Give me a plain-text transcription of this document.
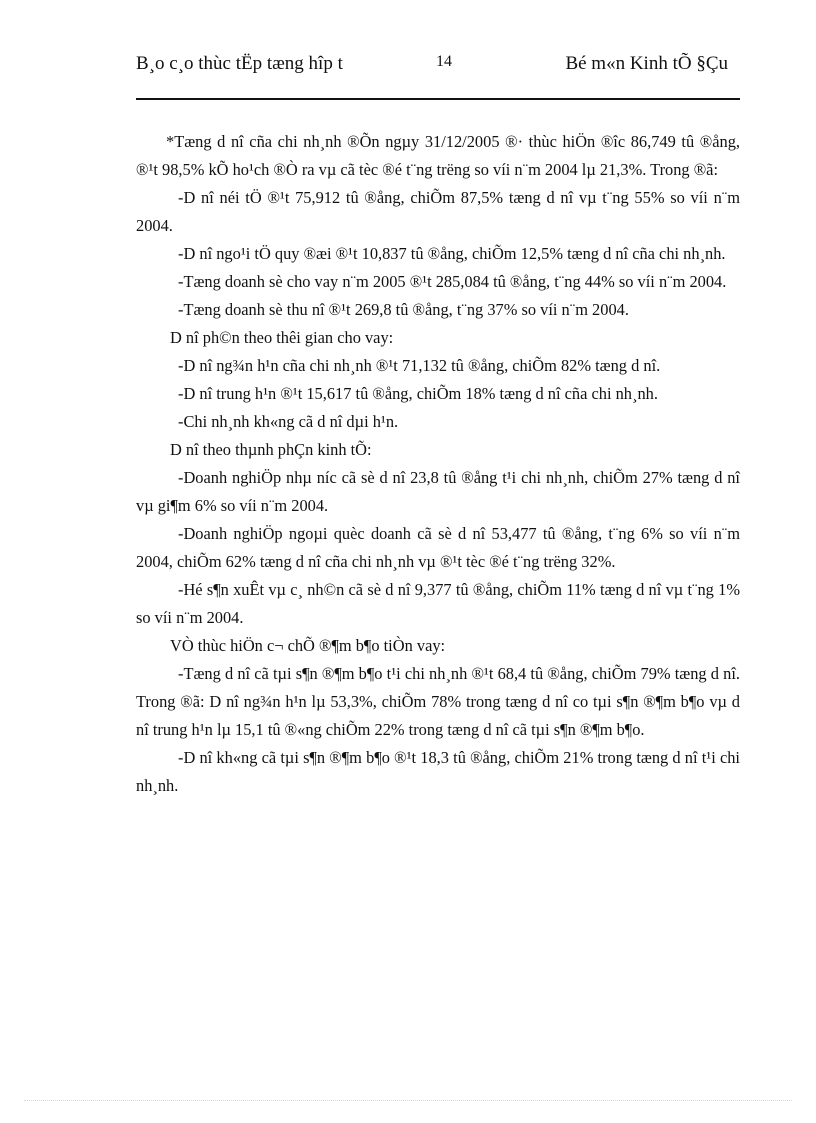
B¸o c¸o thùc tËp tæng hîp t	14	Bé m«n Kinh tÕ §Çu

*Tæng d nî cña chi nh¸nh ®Õn ngµy 31/12/2005 ®· thùc hiÖn ®îc 86,749 tû ®ång, ®¹t 98,5% kÕ ho¹ch ®Ò ra vµ cã tèc ®é t¨ng trëng so víi n¨m 2004 lµ 21,3%. Trong ®ã:

-D nî néi tÖ ®¹t 75,912 tû ®ång, chiÕm 87,5% tæng d nî vµ t¨ng 55% so víi n¨m 2004.

-D nî ngo¹i tÖ quy ®æi ®¹t 10,837 tû ®ång, chiÕm 12,5% tæng d nî cña chi nh¸nh.

-Tæng doanh sè cho vay n¨m 2005 ®¹t 285,084 tû ®ång, t¨ng 44% so víi n¨m 2004.

-Tæng doanh sè thu nî ®¹t 269,8 tû ®ång, t¨ng 37% so víi n¨m 2004.

D nî ph©n theo thêi gian cho vay:

-D nî ng¾n h¹n cña chi nh¸nh ®¹t 71,132 tû ®ång, chiÕm 82% tæng d nî.

-D nî trung h¹n ®¹t 15,617 tû ®ång, chiÕm 18% tæng d nî cña chi nh¸nh.

-Chi nh¸nh kh«ng cã d nî dµi h¹n.

D nî theo thµnh phÇn kinh tÕ:

-Doanh nghiÖp nhµ níc cã sè d nî 23,8 tû ®ång t¹i chi nh¸nh, chiÕm 27% tæng d nî vµ gi¶m 6% so víi n¨m 2004.

-Doanh nghiÖp ngoµi quèc doanh cã sè d nî 53,477 tû ®ång, t¨ng 6% so víi n¨m 2004, chiÕm 62% tæng d nî cña chi nh¸nh vµ ®¹t tèc ®é t¨ng trëng 32%.

-Hé s¶n xuÊt vµ c¸ nh©n cã sè d nî 9,377 tû ®ång, chiÕm 11% tæng d nî vµ t¨ng 1% so víi n¨m 2004.

VÒ thùc hiÖn c¬ chÕ ®¶m b¶o tiÒn vay:

-Tæng d nî cã tµi s¶n ®¶m b¶o t¹i chi nh¸nh ®¹t 68,4 tû ®ång, chiÕm 79% tæng d nî. Trong ®ã: D nî ng¾n h¹n lµ 53,3%, chiÕm 78% trong tæng d nî co tµi s¶n ®¶m b¶o vµ d nî trung h¹n lµ 15,1 tû ®«ng chiÕm 22% trong tæng d nî cã tµi s¶n ®¶m b¶o.

-D nî kh«ng cã tµi s¶n ®¶m b¶o ®¹t 18,3 tû ®ång, chiÕm 21% trong tæng d nî t¹i chi nh¸nh.
